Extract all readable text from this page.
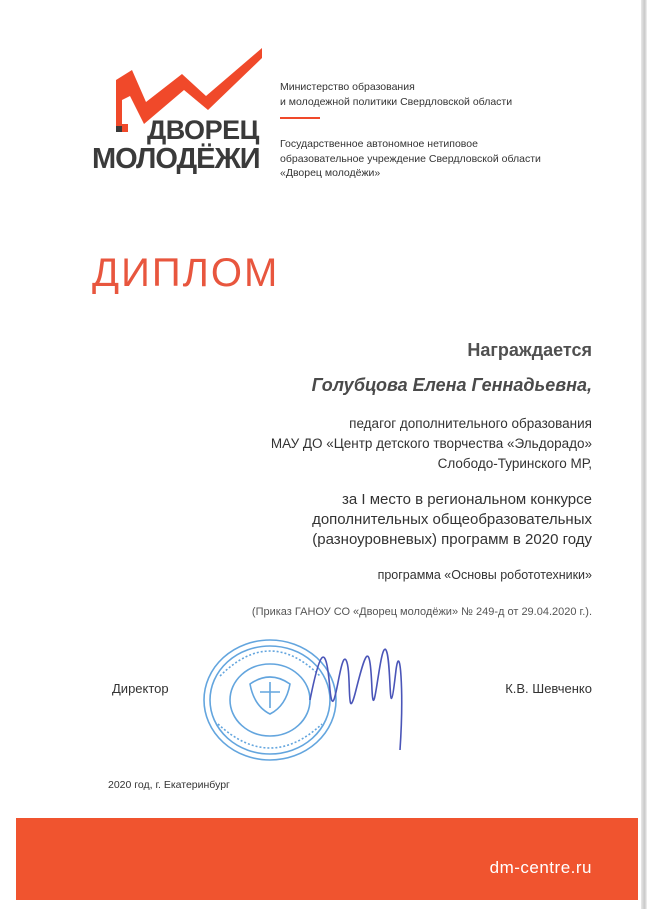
ДВОРЕЦ
МОЛОДЁЖИ
Министерство образования
и молодежной политики Свердловской области
Государственное автономное нетиповое
образовательное учреждение Свердловской области
«Дворец молодёжи»
ДИПЛОМ
Награждается
Голубцова Елена Геннадьевна,
педагог дополнительного образования
МАУ ДО «Центр детского творчества «Эльдорадо»
Слободо-Туринского МР,
за I место в региональном конкурсе
дополнительных общеобразовательных
(разноуровневых) программ в 2020 году
программа «Основы робототехники»
(Приказ ГАНОУ СО «Дворец молодёжи» № 249-д от 29.04.2020 г.).
Директор	К.В. Шевченко
2020 год, г. Екатеринбург
dm-centre.ru
